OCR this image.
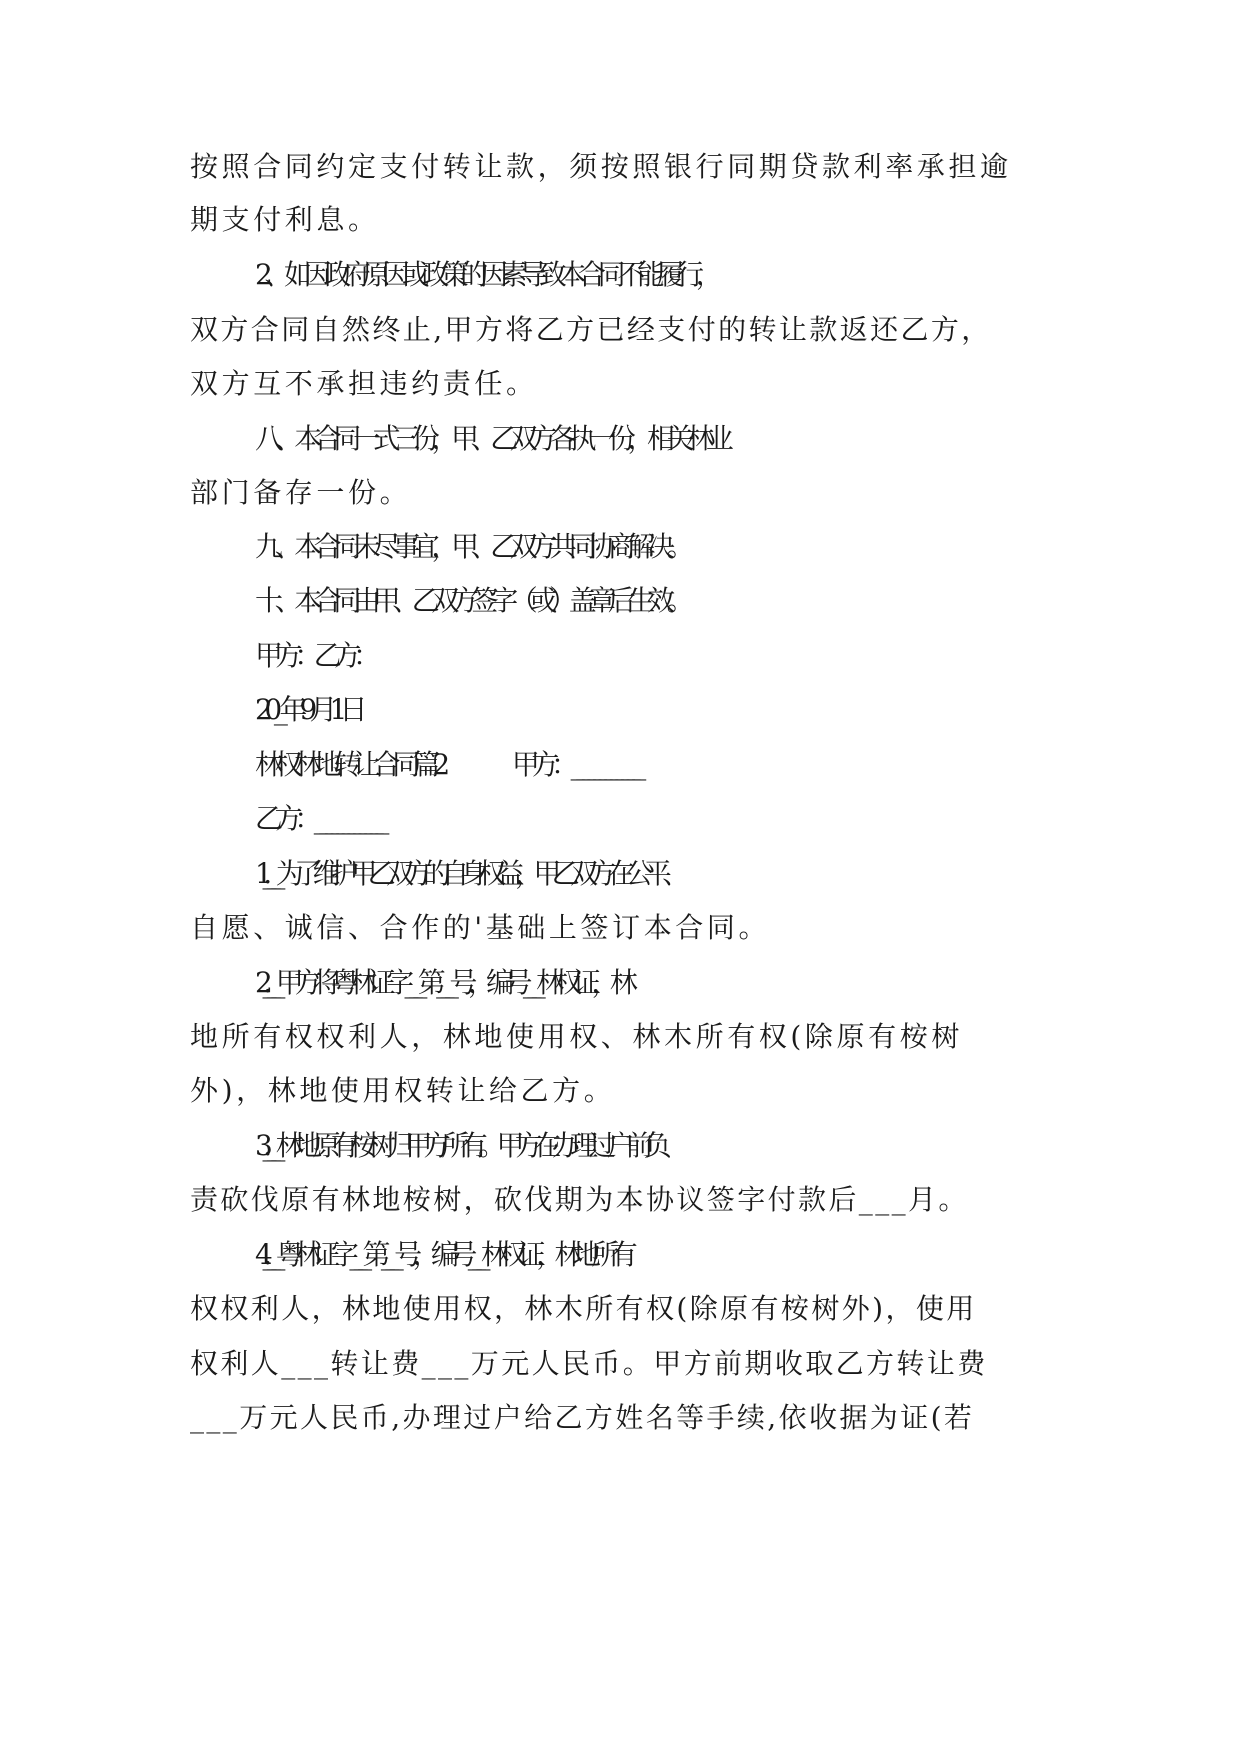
按照合同约定支付转让款，须按照银行同期贷款利率承担逾
期支付利息。
2、如因政府原因或政策的因素导致本合同不能履行，
双方合同自然终止,甲方将乙方已经支付的转让款返还乙方，
双方互不承担违约责任。
八、本合同一式三份，甲、乙双方各执一份，相关林业
部门备存一份。
九、本合同未尽事宜，甲、乙双方共同协商解决。
十、本合同由甲、乙双方签字（或）盖章后生效。
甲方：乙方：
20_年 9 月 1 日
林权林地转让合同 篇 2	甲方：____________
乙方：____________
1.___为了维护甲乙双方的自身权益，甲乙双方在公平、
自愿、诚信、合作的'基础上签订本合同。
2.___甲方将粤林证字___第___号，编号___林权证，林
地所有权权利人，林地使用权、林木所有权(除原有桉树
外)，林地使用权转让给乙方。
3.___林地原有桉树归甲方所有。甲方在办理过户前负
责砍伐原有林地桉树，砍伐期为本协议签字付款后___月。
4.___粤林证字___第___号，编号___林权证，林地所有
权权利人，林地使用权，林木所有权(除原有桉树外)，使用
权利人___转让费___万元人民币。甲方前期收取乙方转让费
___万元人民币,办理过户给乙方姓名等手续,依收据为证(若
